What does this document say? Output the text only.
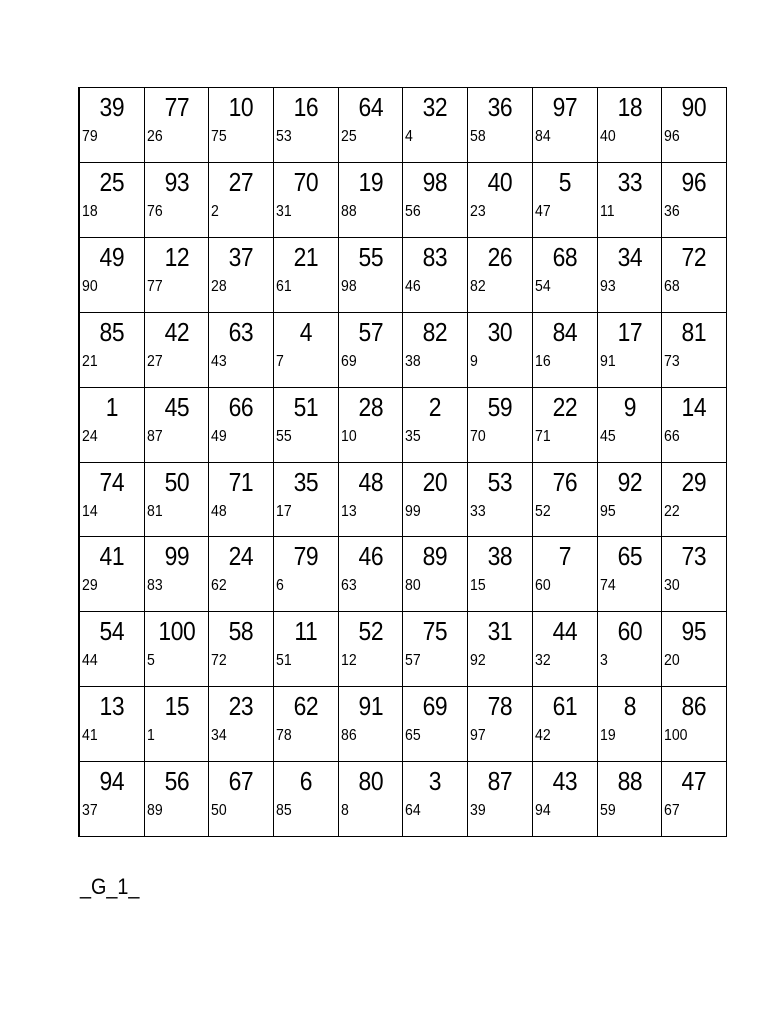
39
79
77
26
10
75
16
53
64
25
32
4
36
58
97
84
18
40
90
96
25
18
93
76
27
2
70
31
19
88
98
56
40
23
5
47
33
11
96
36
49
90
12
77
37
28
21
61
55
98
83
46
26
82
68
54
34
93
72
68
85
21
42
27
63
43
4
7
57
69
82
38
30
9
84
16
17
91
81
73
1
24
45
87
66
49
51
55
28
10
2
35
59
70
22
71
9
45
14
66
74
14
50
81
71
48
35
17
48
13
20
99
53
33
76
52
92
95
29
22
41
29
99
83
24
62
79
6
46
63
89
80
38
15
7
60
65
74
73
30
54
44
100
5
58
72
11
51
52
12
75
57
31
92
44
32
60
3
95
20
13
41
15
1
23
34
62
78
91
86
69
65
78
97
61
42
8
19
86
100
94
37
56
89
67
50
6
85
80
8
3
64
87
39
43
94
88
59
47
67
_G_1_
